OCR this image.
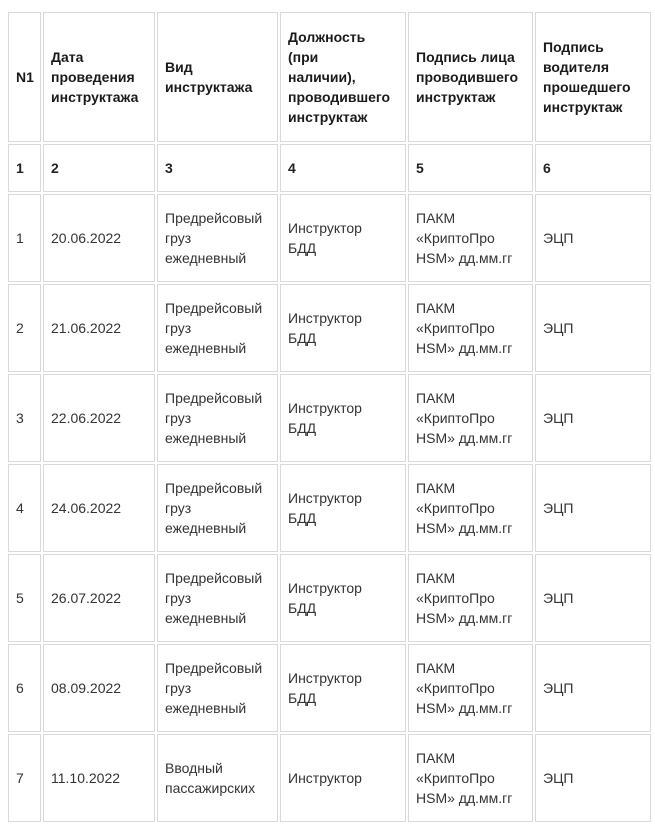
N1	Дата
проведения
инструктажа	Вид
инструктажа	Должность
(при
наличии),
проводившего
инструктаж	Подпись лица
проводившего
инструктаж	Подпись
водителя
прошедшего
инструктаж

1	2	3	4	5	6

1	20.06.2022	Предрейсовый
груз
ежедневный	Инструктор
БДД	ПАКМ
«КриптоПро
HSM» дд.мм.гг	ЭЦП

2	21.06.2022	Предрейсовый
груз
ежедневный	Инструктор
БДД	ПАКМ
«КриптоПро
HSM» дд.мм.гг	ЭЦП

3	22.06.2022	Предрейсовый
груз
ежедневный	Инструктор
БДД	ПАКМ
«КриптоПро
HSM» дд.мм.гг	ЭЦП

4	24.06.2022	Предрейсовый
груз
ежедневный	Инструктор
БДД	ПАКМ
«КриптоПро
HSM» дд.мм.гг	ЭЦП

5	26.07.2022	Предрейсовый
груз
ежедневный	Инструктор
БДД	ПАКМ
«КриптоПро
HSM» дд.мм.гг	ЭЦП

6	08.09.2022	Предрейсовый
груз
ежедневный	Инструктор
БДД	ПАКМ
«КриптоПро
HSM» дд.мм.гг	ЭЦП

7	11.10.2022	Вводный
пассажирских	Инструктор	ПАКМ
«КриптоПро
HSM» дд.мм.гг	ЭЦП
